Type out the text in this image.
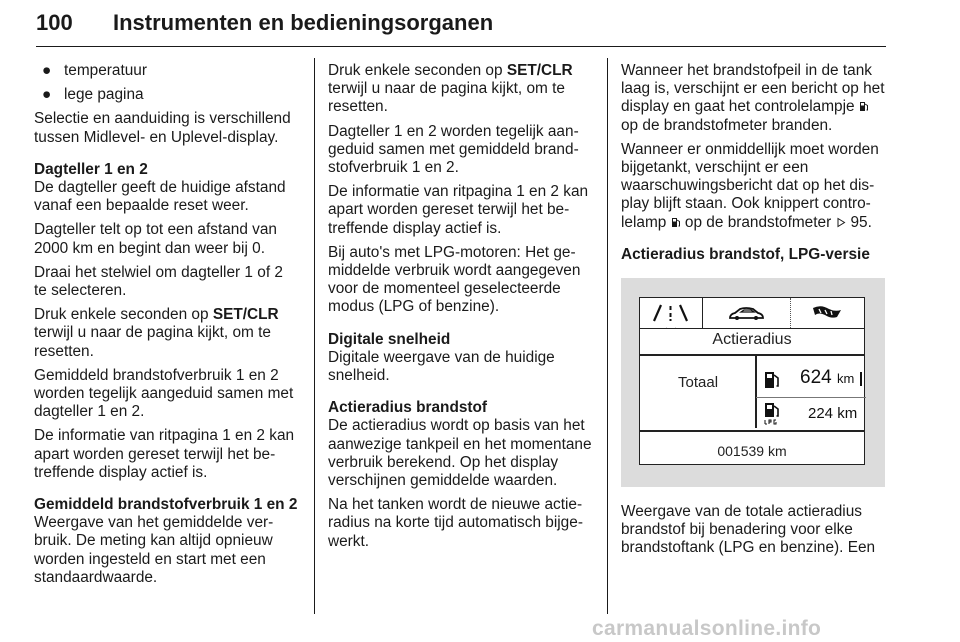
100 Instrumenten en bedieningsorganen
● temperatuur
● lege pagina

Selectie en aanduiding is verschillend tussen Midlevel- en Uplevel-display.

Dagteller 1 en 2

De dagteller geeft de huidige afstand vanaf een bepaalde reset weer.

Dagteller telt op tot een afstand van 2000 km en begint dan weer bij 0.

Draai het stelwiel om dagteller 1 of 2 te selecteren.

Druk enkele seconden op SET/CLR terwijl u naar de pagina kijkt, om te resetten.

Gemiddeld brandstofverbruik 1 en 2 worden tegelijk aangeduid samen met dagteller 1 en 2.

De informatie van ritpagina 1 en 2 kan apart worden gereset terwijl het betreffende display actief is.

Gemiddeld brandstofverbruik 1 en 2

Weergave van het gemiddelde verbruik. De meting kan altijd opnieuw worden ingesteld en start met een standaardwaarde.

Druk enkele seconden op SET/CLR terwijl u naar de pagina kijkt, om te resetten.

Dagteller 1 en 2 worden tegelijk aangeduid samen met gemiddeld brandstofverbruik 1 en 2.

De informatie van ritpagina 1 en 2 kan apart worden gereset terwijl het betreffende display actief is.

Bij auto's met LPG-motoren: Het gemiddelde verbruik wordt aangegeven voor de momenteel geselecteerde modus (LPG of benzine).

Digitale snelheid

Digitale weergave van de huidige snelheid.

Actieradius brandstof

De actieradius wordt op basis van het aanwezige tankpeil en het momentane verbruik berekend. Op het display verschijnen gemiddelde waarden.

Na het tanken wordt de nieuwe actieradius na korte tijd automatisch bijgewerkt.

Wanneer het brandstofpeil in de tank laag is, verschijnt er een bericht op het display en gaat het controlelampje  op de brandstofmeter branden.

Wanneer er onmiddellijk moet worden bijgetankt, verschijnt er een waarschuwingsbericht dat op het display blijft staan. Ook knippert controlelamp  op de brandstofmeter 95.

Actieradius brandstof, LPG-versie

Actieradius
Totaal	624 km
224 km
001539 km

Weergave van de totale actieradius brandstof bij benadering voor elke brandstoftank (LPG en benzine). Een

carmanualsonline.info
